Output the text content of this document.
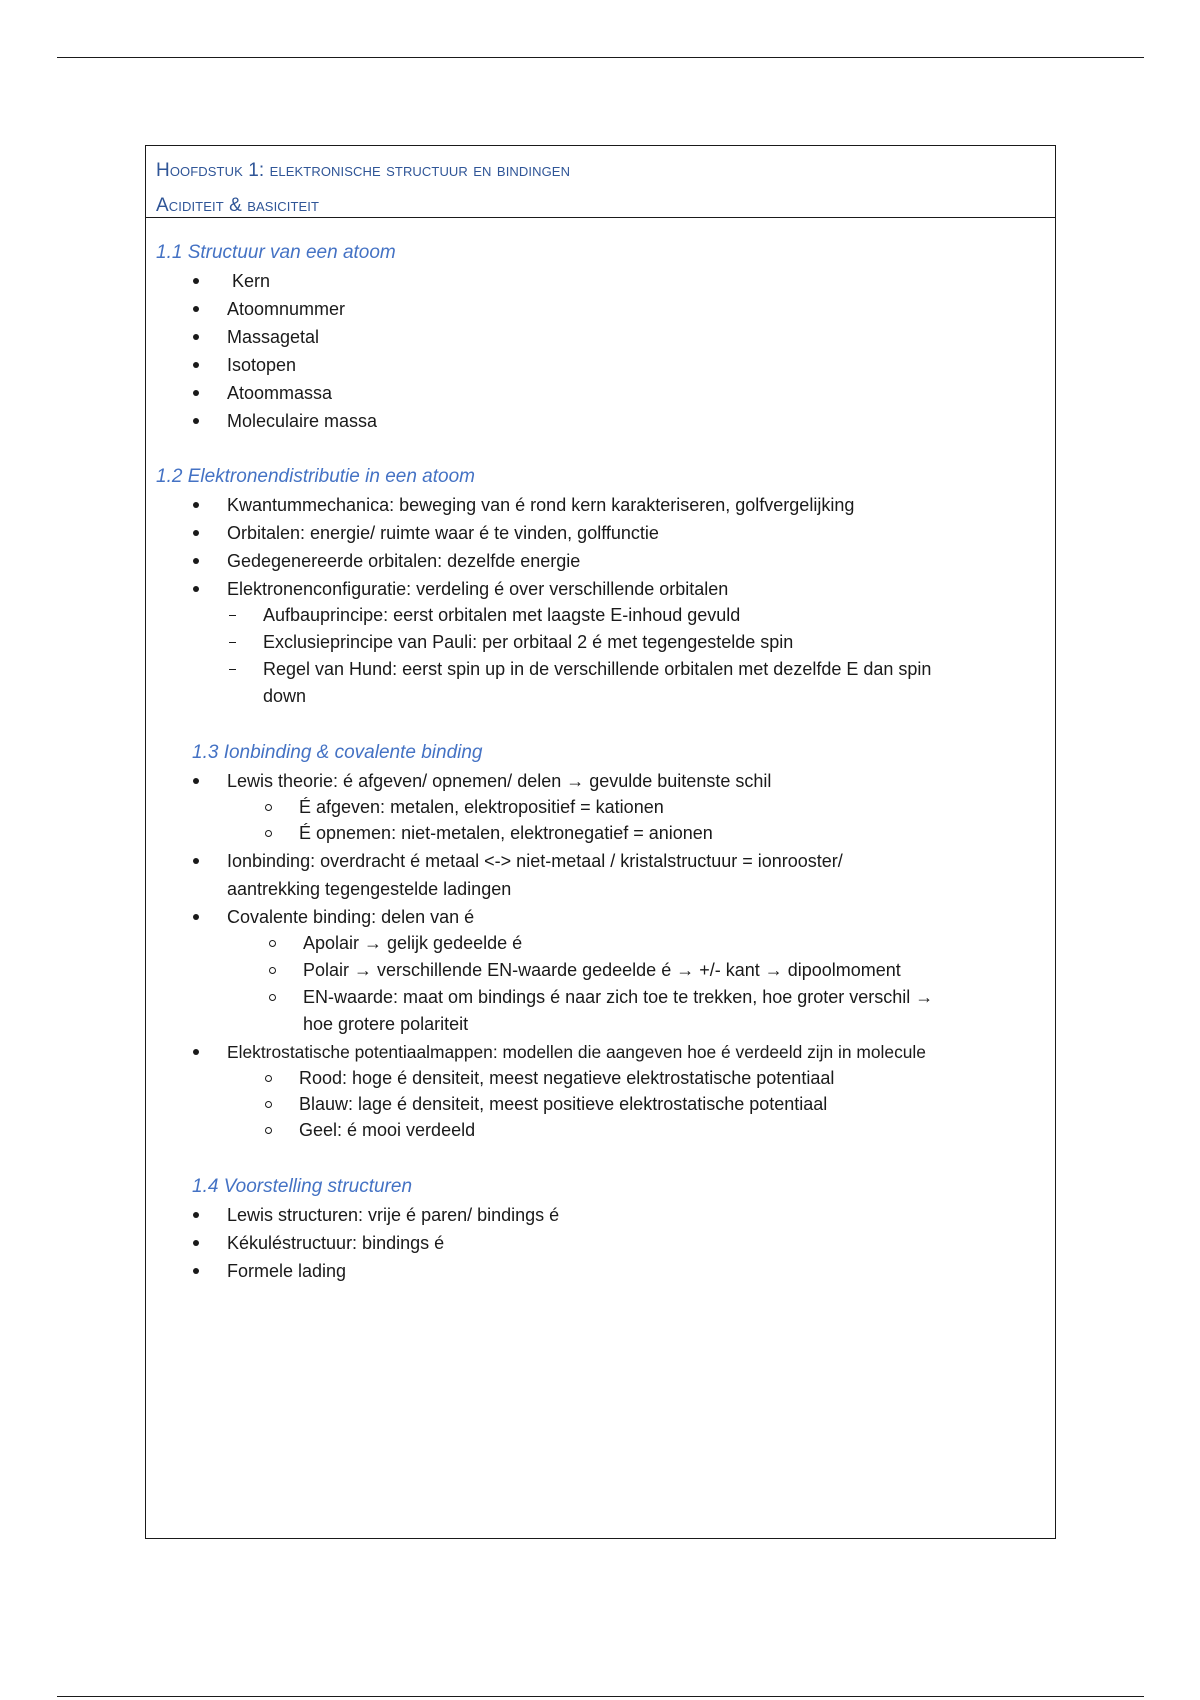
Hoofdstuk 1: elektronische structuur en bindingen
Aciditeit & basiciteit
1.1 Structuur van een atoom
Kern
Atoomnummer
Massagetal
Isotopen
Atoommassa
Moleculaire massa
1.2 Elektronendistributie in een atoom
Kwantummechanica: beweging van é rond kern karakteriseren, golfvergelijking
Orbitalen: energie/ ruimte waar é te vinden, golffunctie
Gedegenereerde orbitalen: dezelfde energie
Elektronenconfiguratie: verdeling é over verschillende orbitalen
Aufbauprincipe: eerst orbitalen met laagste E-inhoud gevuld
Exclusieprincipe van Pauli: per orbitaal 2 é met tegengestelde spin
Regel van Hund: eerst spin up in de verschillende orbitalen met dezelfde E dan spin
down
1.3 Ionbinding & covalente binding
Lewis theorie: é afgeven/ opnemen/ delen → gevulde buitenste schil
É afgeven: metalen, elektropositief = kationen
É opnemen: niet-metalen, elektronegatief = anionen
Ionbinding: overdracht é metaal <-> niet-metaal / kristalstructuur = ionrooster/
aantrekking tegengestelde ladingen
Covalente binding: delen van é
Apolair → gelijk gedeelde é
Polair → verschillende EN-waarde gedeelde é → +/- kant → dipoolmoment
EN-waarde: maat om bindings é naar zich toe te trekken, hoe groter verschil →
hoe grotere polariteit
Elektrostatische potentiaalmappen: modellen die aangeven hoe é verdeeld zijn in molecule
Rood: hoge é densiteit, meest negatieve elektrostatische potentiaal
Blauw: lage é densiteit, meest positieve elektrostatische potentiaal
Geel: é mooi verdeeld
1.4 Voorstelling structuren
Lewis structuren: vrije é paren/ bindings é
Kékuléstructuur: bindings é
Formele lading
